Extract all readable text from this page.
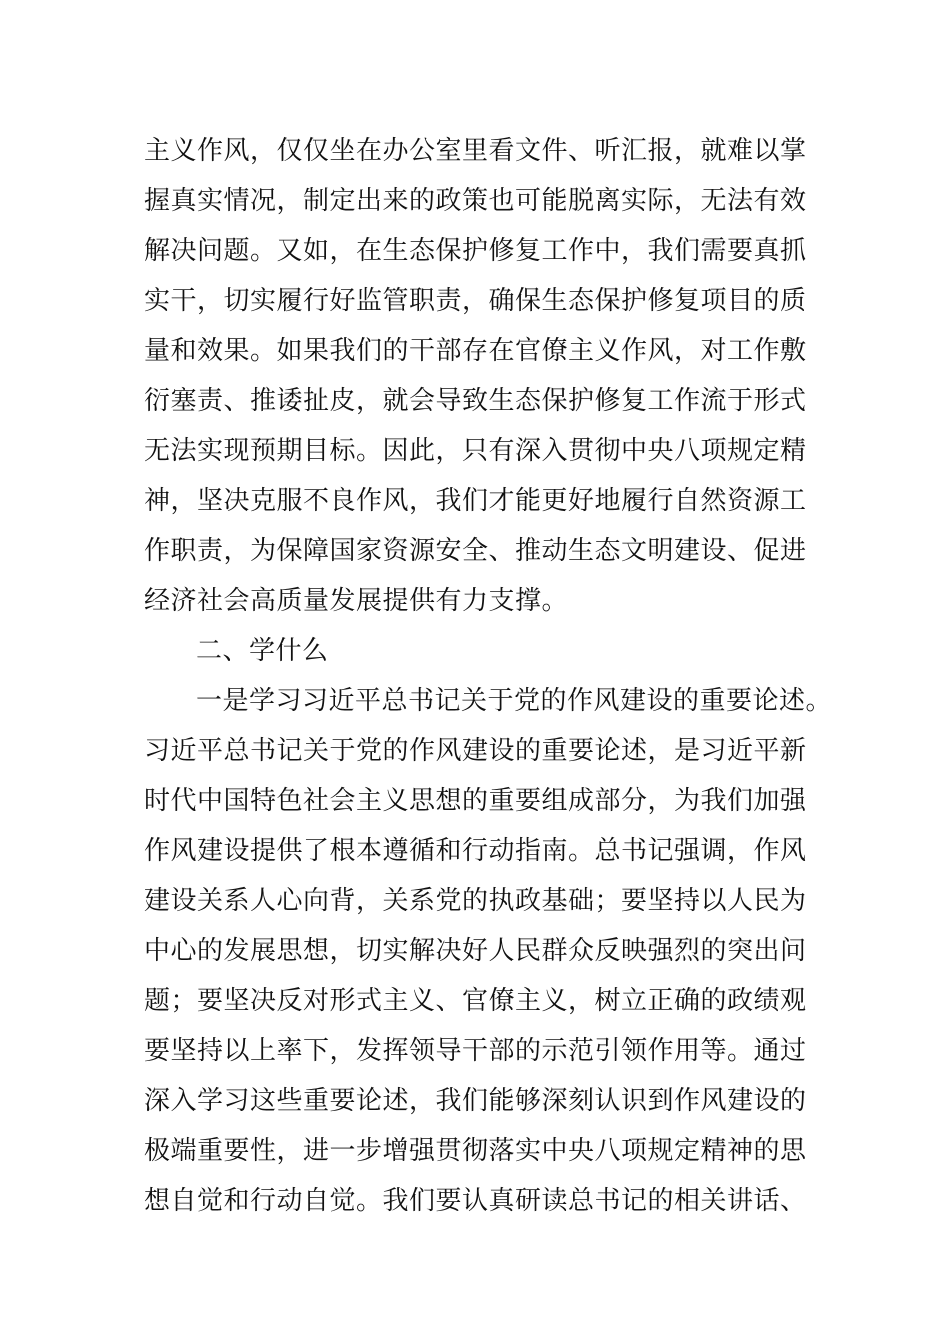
主义作风，仅仅坐在办公室里看文件、听汇报，就难以掌
握真实情况，制定出来的政策也可能脱离实际，无法有效
解决问题。又如，在生态保护修复工作中，我们需要真抓
实干，切实履行好监管职责，确保生态保护修复项目的质
量和效果。如果我们的干部存在官僚主义作风，对工作敷
衍塞责、推诿扯皮，就会导致生态保护修复工作流于形式
无法实现预期目标。因此，只有深入贯彻中央八项规定精
神，坚决克服不良作风，我们才能更好地履行自然资源工
作职责，为保障国家资源安全、推动生态文明建设、促进
经济社会高质量发展提供有力支撑。
二、学什么
一是学习习近平总书记关于党的作风建设的重要论述。
习近平总书记关于党的作风建设的重要论述，是习近平新
时代中国特色社会主义思想的重要组成部分，为我们加强
作风建设提供了根本遵循和行动指南。总书记强调，作风
建设关系人心向背，关系党的执政基础；要坚持以人民为
中心的发展思想，切实解决好人民群众反映强烈的突出问
题；要坚决反对形式主义、官僚主义，树立正确的政绩观
要坚持以上率下，发挥领导干部的示范引领作用等。通过
深入学习这些重要论述，我们能够深刻认识到作风建设的
极端重要性，进一步增强贯彻落实中央八项规定精神的思
想自觉和行动自觉。我们要认真研读总书记的相关讲话、
